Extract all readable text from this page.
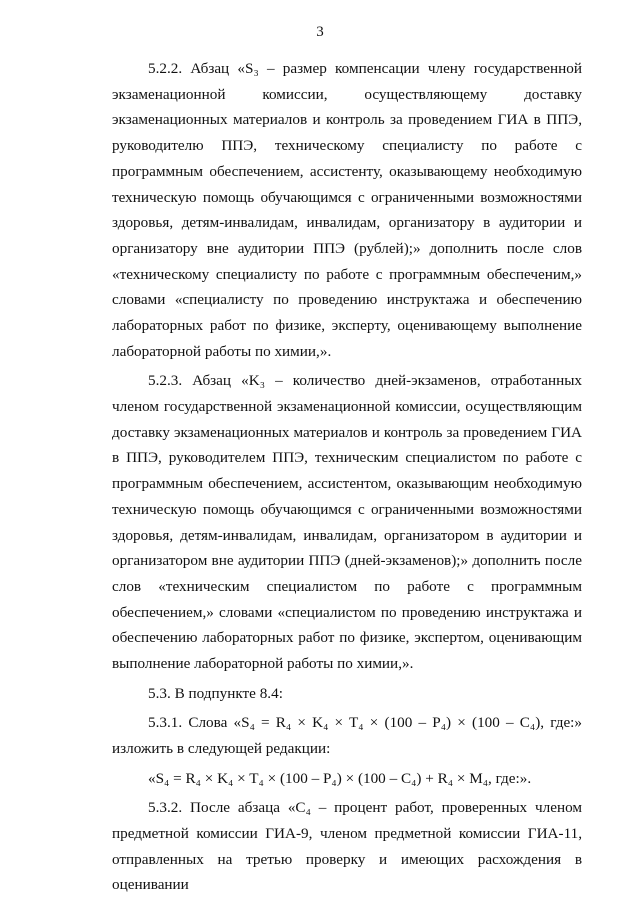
3

5.2.2. Абзац «S₃ – размер компенсации члену государственной экзаменационной комиссии, осуществляющему доставку экзаменационных материалов и контроль за проведением ГИА в ППЭ, руководителю ППЭ, техническому специалисту по работе с программным обеспечением, ассистенту, оказывающему необходимую техническую помощь обучающимся с ограниченными возможностями здоровья, детям-инвалидам, инвалидам, организатору в аудитории и организатору вне аудитории ППЭ (рублей);» дополнить после слов «техническому специалисту по работе с программным обеспеченим,» словами «специалисту по проведению инструктажа и обеспечению лабораторных работ по физике, эксперту, оценивающему выполнение лабораторной работы по химии,».

5.2.3. Абзац «K₃ – количество дней-экзаменов, отработанных членом государственной экзаменационной комиссии, осуществляющим доставку экзаменационных материалов и контроль за проведением ГИА в ППЭ, руководителем ППЭ, техническим специалистом по работе с программным обеспечением, ассистентом, оказывающим необходимую техническую помощь обучающимся с ограниченными возможностями здоровья, детям-инвалидам, инвалидам, организатором в аудитории и организатором вне аудитории ППЭ (дней-экзаменов);» дополнить после слов «техническим специалистом по работе с программным обеспечением,» словами «специалистом по проведению инструктажа и обеспечению лабораторных работ по физике, экспертом, оценивающим выполнение лабораторной работы по химии,».

5.3. В подпункте 8.4:

5.3.1. Слова «S₄ = R₄ × K₄ × T₄ × (100 – P₄) × (100 – C₄), где:» изложить в следующей редакции:

«S₄ = R₄ × K₄ × T₄ × (100 – P₄) × (100 – C₄) + R₄ × M₄, где:».

5.3.2. После абзаца «C₄ – процент работ, проверенных членом предметной комиссии ГИА-9, членом предметной комиссии ГИА-11, отправленных на третью проверку и имеющих расхождения в оценивании
